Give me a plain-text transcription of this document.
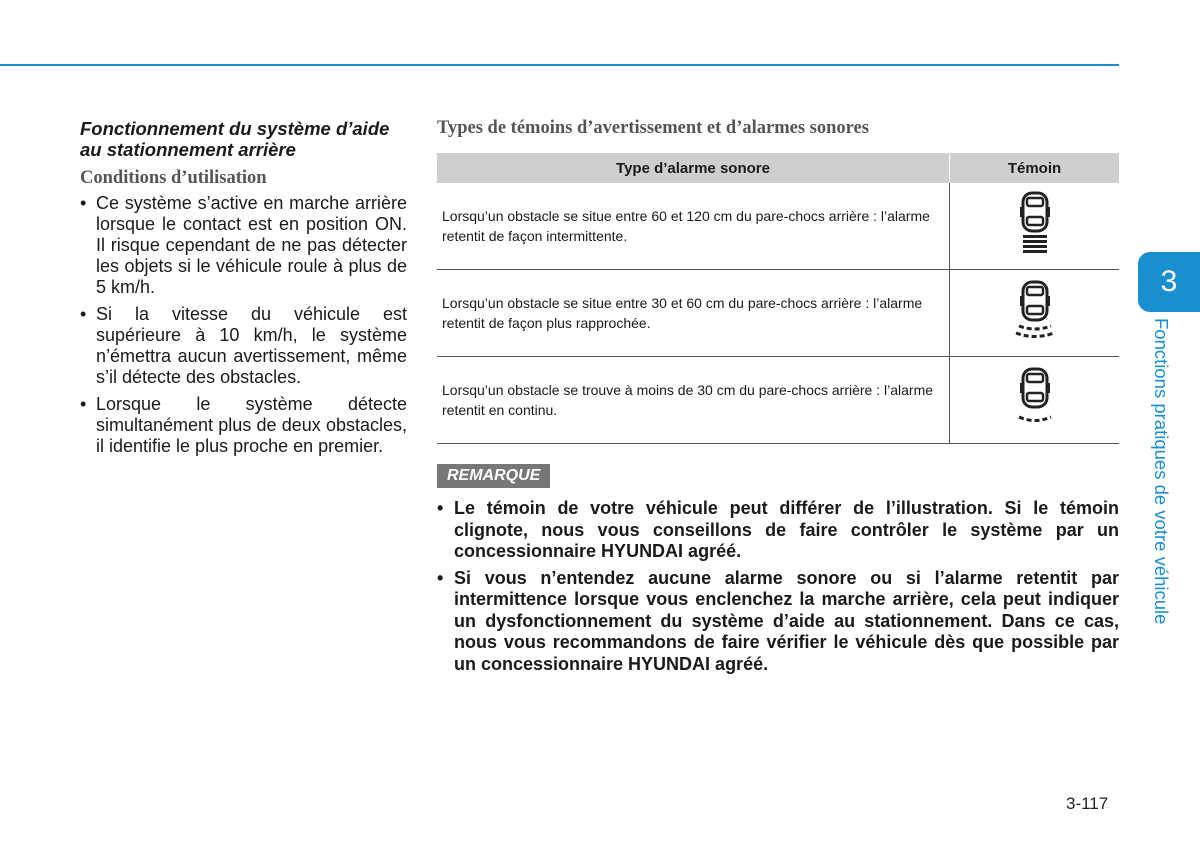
Fonctionnement du système d’aide au stationnement arrière
Conditions d’utilisation
• Ce système s’active en marche arrière lorsque le contact est en position ON. Il risque cependant de ne pas détecter les objets si le véhicule roule à plus de 5 km/h.
• Si la vitesse du véhicule est supérieure à 10 km/h, le système n’émettra aucun avertissement, même s’il détecte des obstacles.
• Lorsque le système détecte simultanément plus de deux obstacles, il identifie le plus proche en premier.
Types de témoins d’avertissement et d’alarmes sonores
Type d’alarme sonore	Témoin
Lorsqu’un obstacle se situe entre 60 et 120 cm du pare-chocs arrière : l’alarme retentit de façon intermittente.	
Lorsqu’un obstacle se situe entre 30 et 60 cm du pare-chocs arrière : l’alarme retentit de façon plus rapprochée.	
Lorsqu’un obstacle se trouve à moins de 30 cm du pare-chocs arrière : l’alarme retentit en continu.	
REMARQUE
• Le témoin de votre véhicule peut différer de l’illustration. Si le témoin clignote, nous vous conseillons de faire contrôler le système par un concessionnaire HYUNDAI agréé.
• Si vous n’entendez aucune alarme sonore ou si l’alarme retentit par intermittence lorsque vous enclenchez la marche arrière, cela peut indiquer un dysfonctionnement du système d’aide au stationnement. Dans ce cas, nous vous recommandons de faire vérifier le véhicule dès que possible par un concessionnaire HYUNDAI agréé.
3
Fonctions pratiques de votre véhicule
3-117
